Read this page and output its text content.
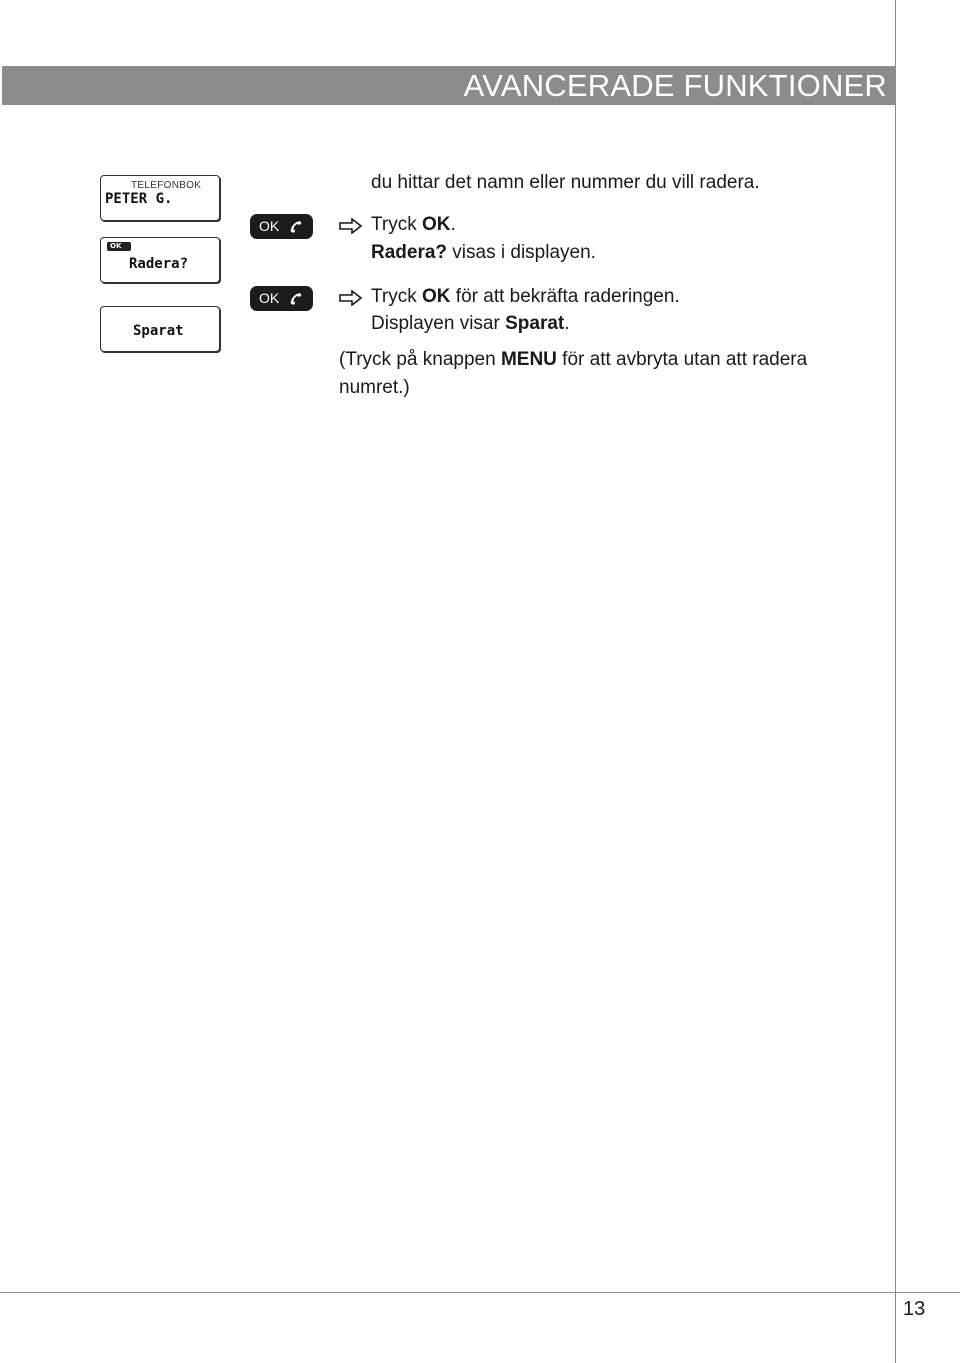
AVANCERADE FUNKTIONER
TELEFONBOK
PETER G.
OK
Radera?
Sparat
OK
OK
du hittar det namn eller nummer du vill radera.
Tryck OK.
Radera? visas i displayen.
Tryck OK för att bekräfta raderingen.
Displayen visar Sparat.
(Tryck på knappen MENU för att avbryta utan att radera
numret.)
13
